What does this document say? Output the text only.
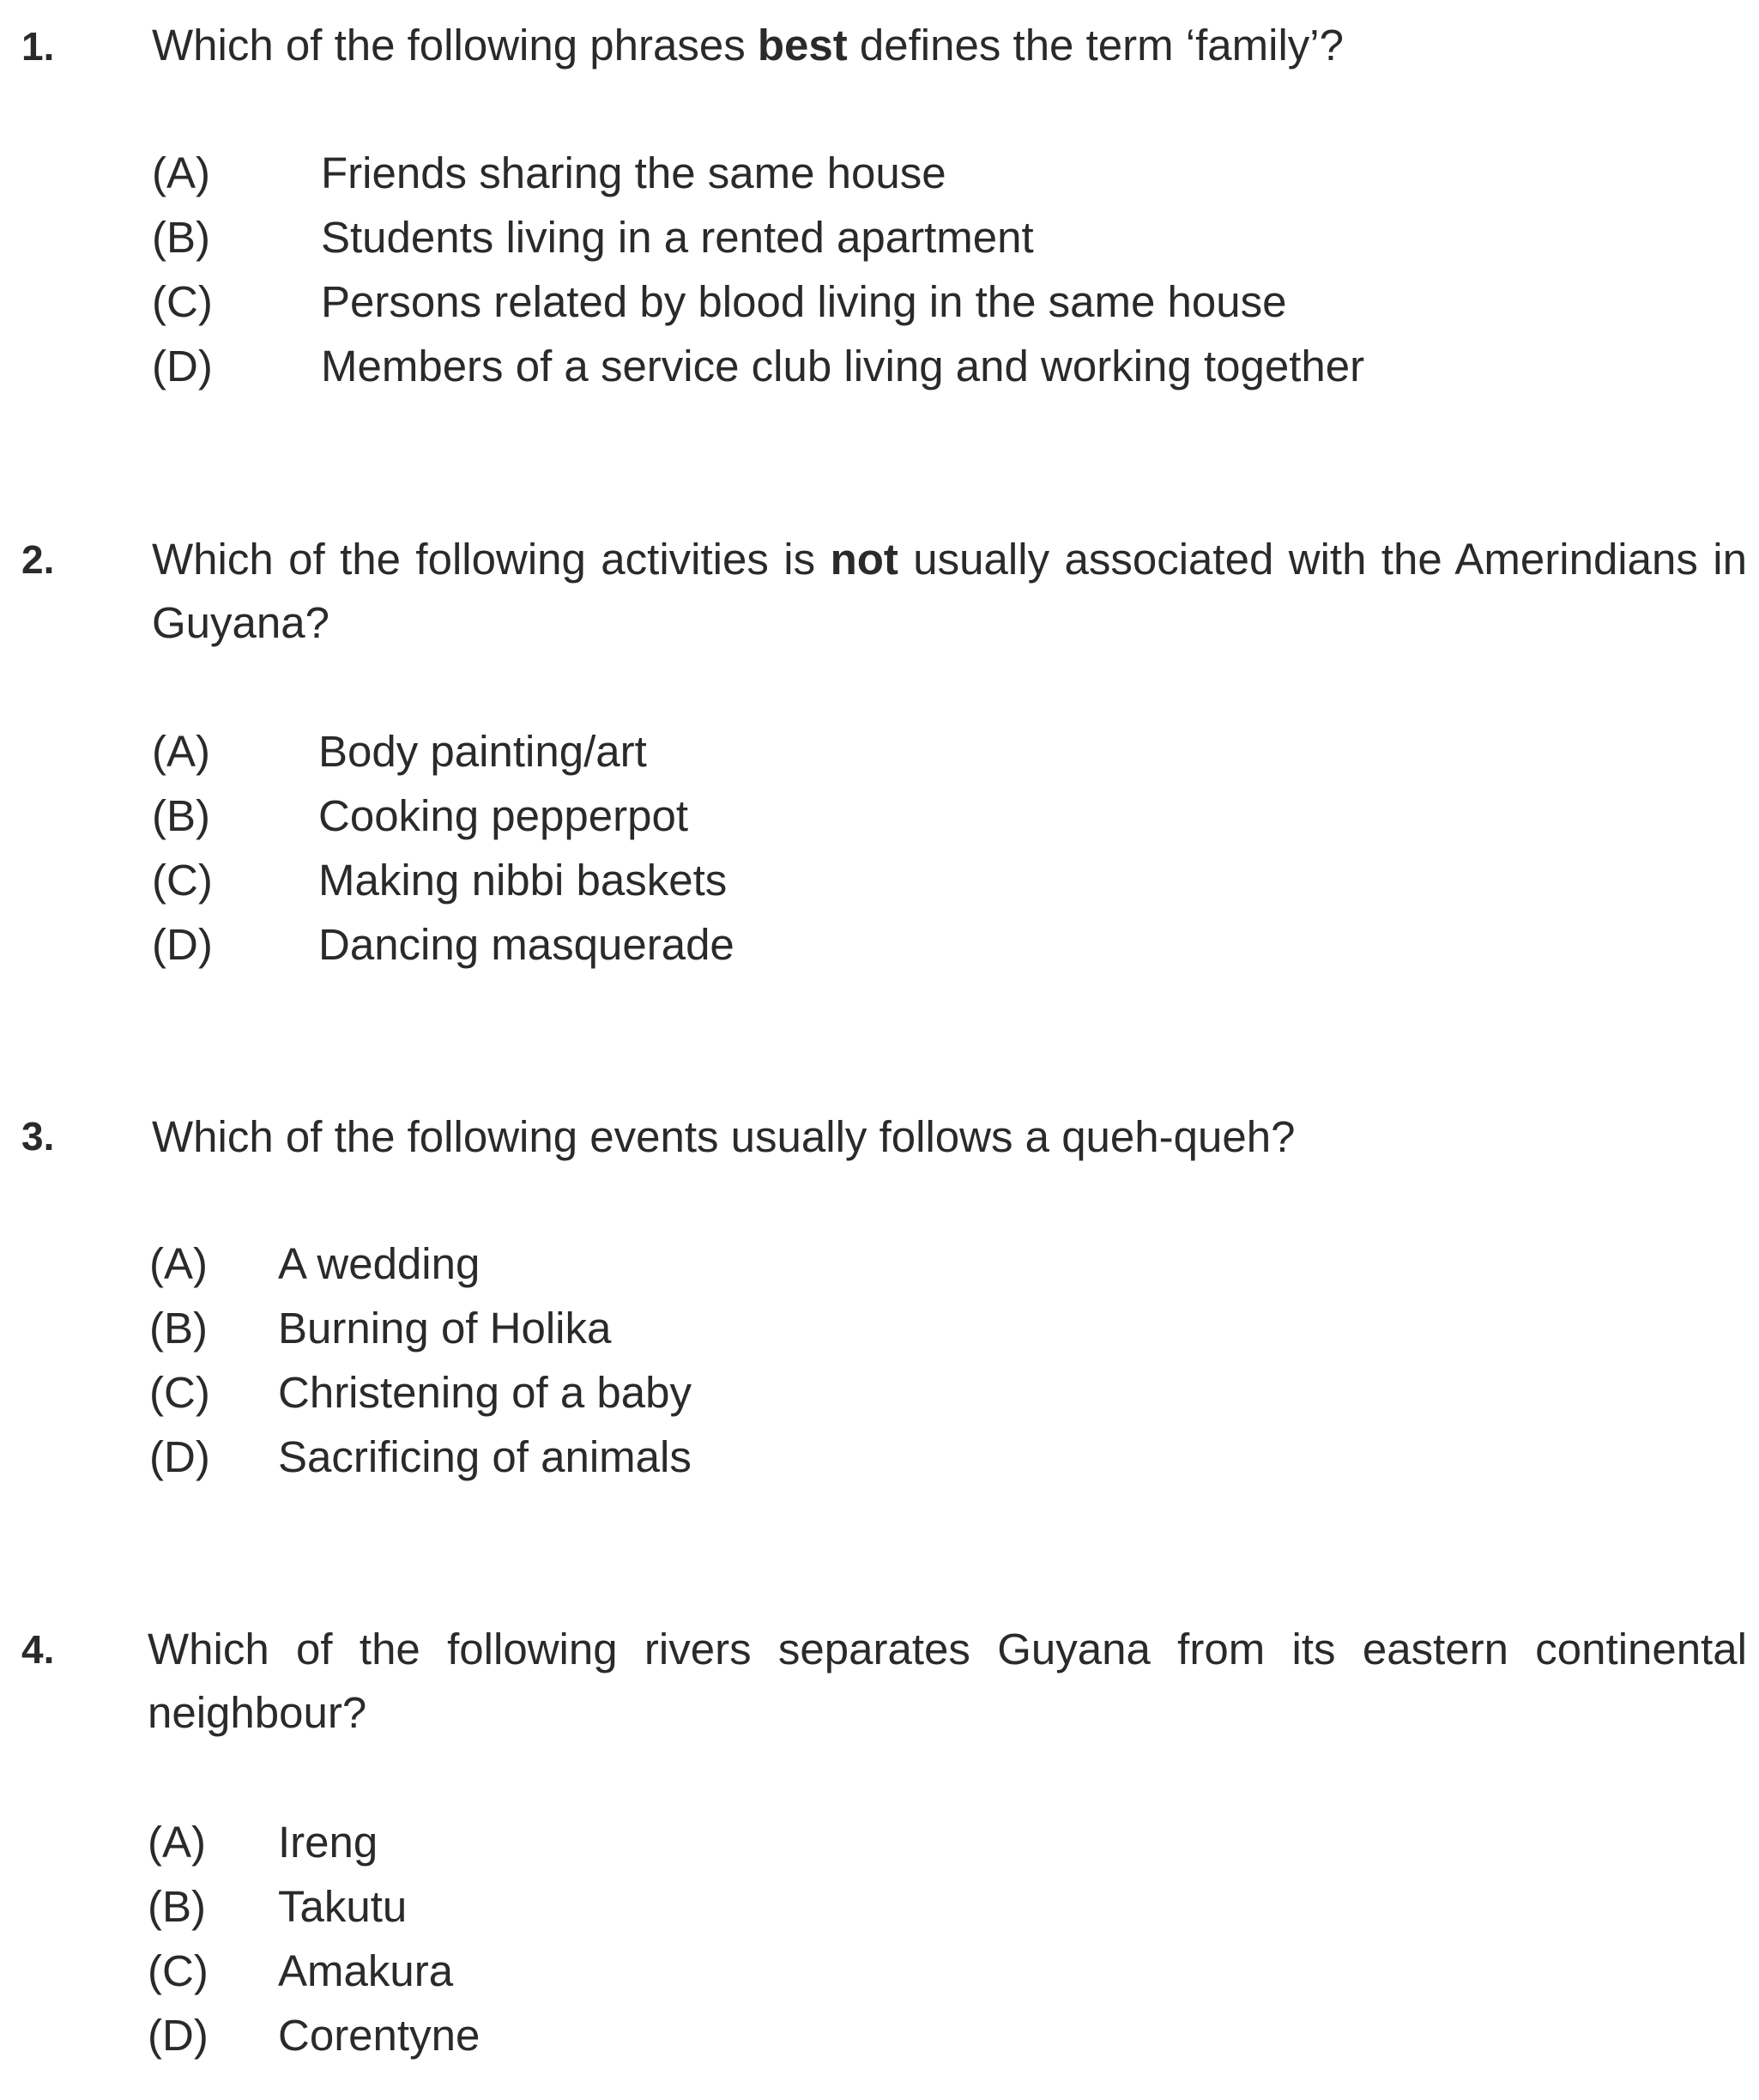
1. Which of the following phrases best defines the term ‘family’?
(A)	Friends sharing the same house
(B)	Students living in a rented apartment
(C) Persons related by blood living in the same house
(D) Members of a service club living and working together
2. Which of the following activities is not usually associated with the Amerindians in Guyana?
(A) Body painting/art
(B) Cooking pepperpot
(C) Making nibbi baskets
(D) Dancing masquerade
3. Which of the following events usually follows a queh-queh?
(A) A wedding
(B) Burning of Holika
(C) Christening of a baby
(D) Sacrificing of animals
4. Which of the following rivers separates Guyana from its eastern continental neighbour?
(A) Ireng
(B) Takutu
(C) Amakura
(D) Corentyne
